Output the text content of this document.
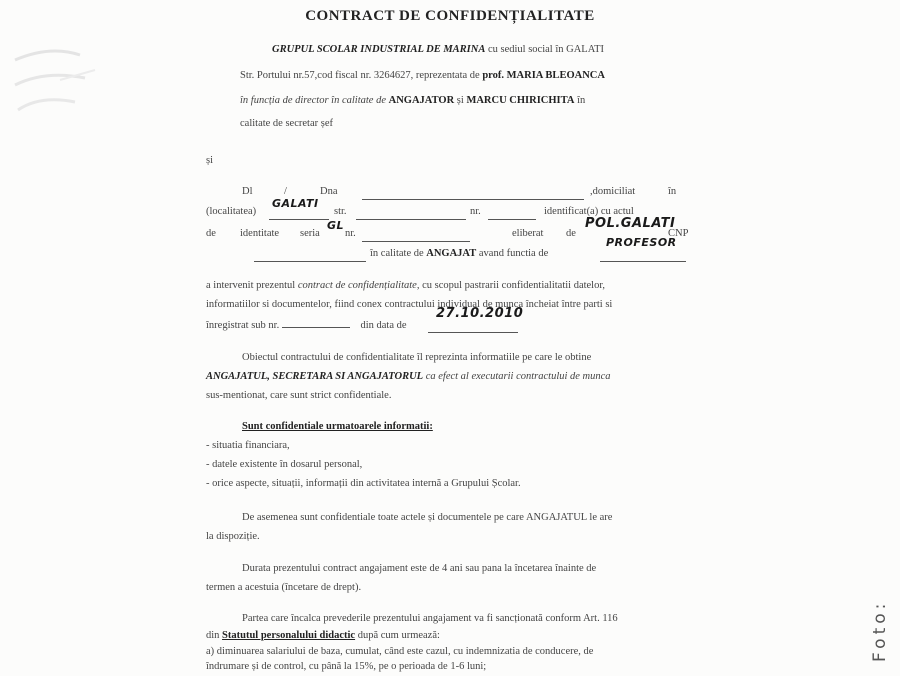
CONTRACT DE CONFIDENȚIALITATE
GRUPUL SCOLAR INDUSTRIAL DE MARINA cu sediul social în GALATI
Str. Portului nr.57,cod fiscal nr. 3264627, reprezentata de prof. MARIA BLEOANCA
în funcția de director în calitate de ANGAJATOR și MARCU CHIRICHITA în
calitate de secretar șef
și
Dl	/	Dna	,domiciliat	în
(localitatea)
GALATI
str.	nr.	identificat(a) cu actul
de identitate seria
GL
nr.	eliberat de
POL.GALATI
CNP
în calitate de ANGAJAT avand functia de
PROFESOR
a intervenit prezentul contract de confidențialitate, cu scopul pastrarii confidentialitatii datelor,
informatiilor si documentelor, fiind conex contractului individual de munca încheiat între parti si
înregistrat sub nr.	din data de
27.10.2010
Obiectul contractului de confidentialitate îl reprezinta informatiile pe care le obtine
ANGAJATUL, SECRETARA SI ANGAJATORUL ca efect al executarii contractului de munca
sus-mentionat, care sunt strict confidentiale.
Sunt confidentiale urmatoarele informatii:
- situatia financiara,
- datele existente în dosarul personal,
- orice aspecte, situații, informații din activitatea internă a Grupului Școlar.
De asemenea sunt confidentiale toate actele și documentele pe care ANGAJATUL le are
la dispoziție.
Durata prezentului contract angajament este de 4 ani sau pana la încetarea înainte de
termen a acestuia (încetare de drept).
Partea care încalca prevederile prezentului angajament va fi sancționată conform Art. 116
din Statutul personalului didactic după cum urmează:
a) diminuarea salariului de baza, cumulat, când este cazul, cu indemnizatia de conducere, de
îndrumare și de control, cu până la 15%, pe o perioada de 1-6 luni;
Foto:
